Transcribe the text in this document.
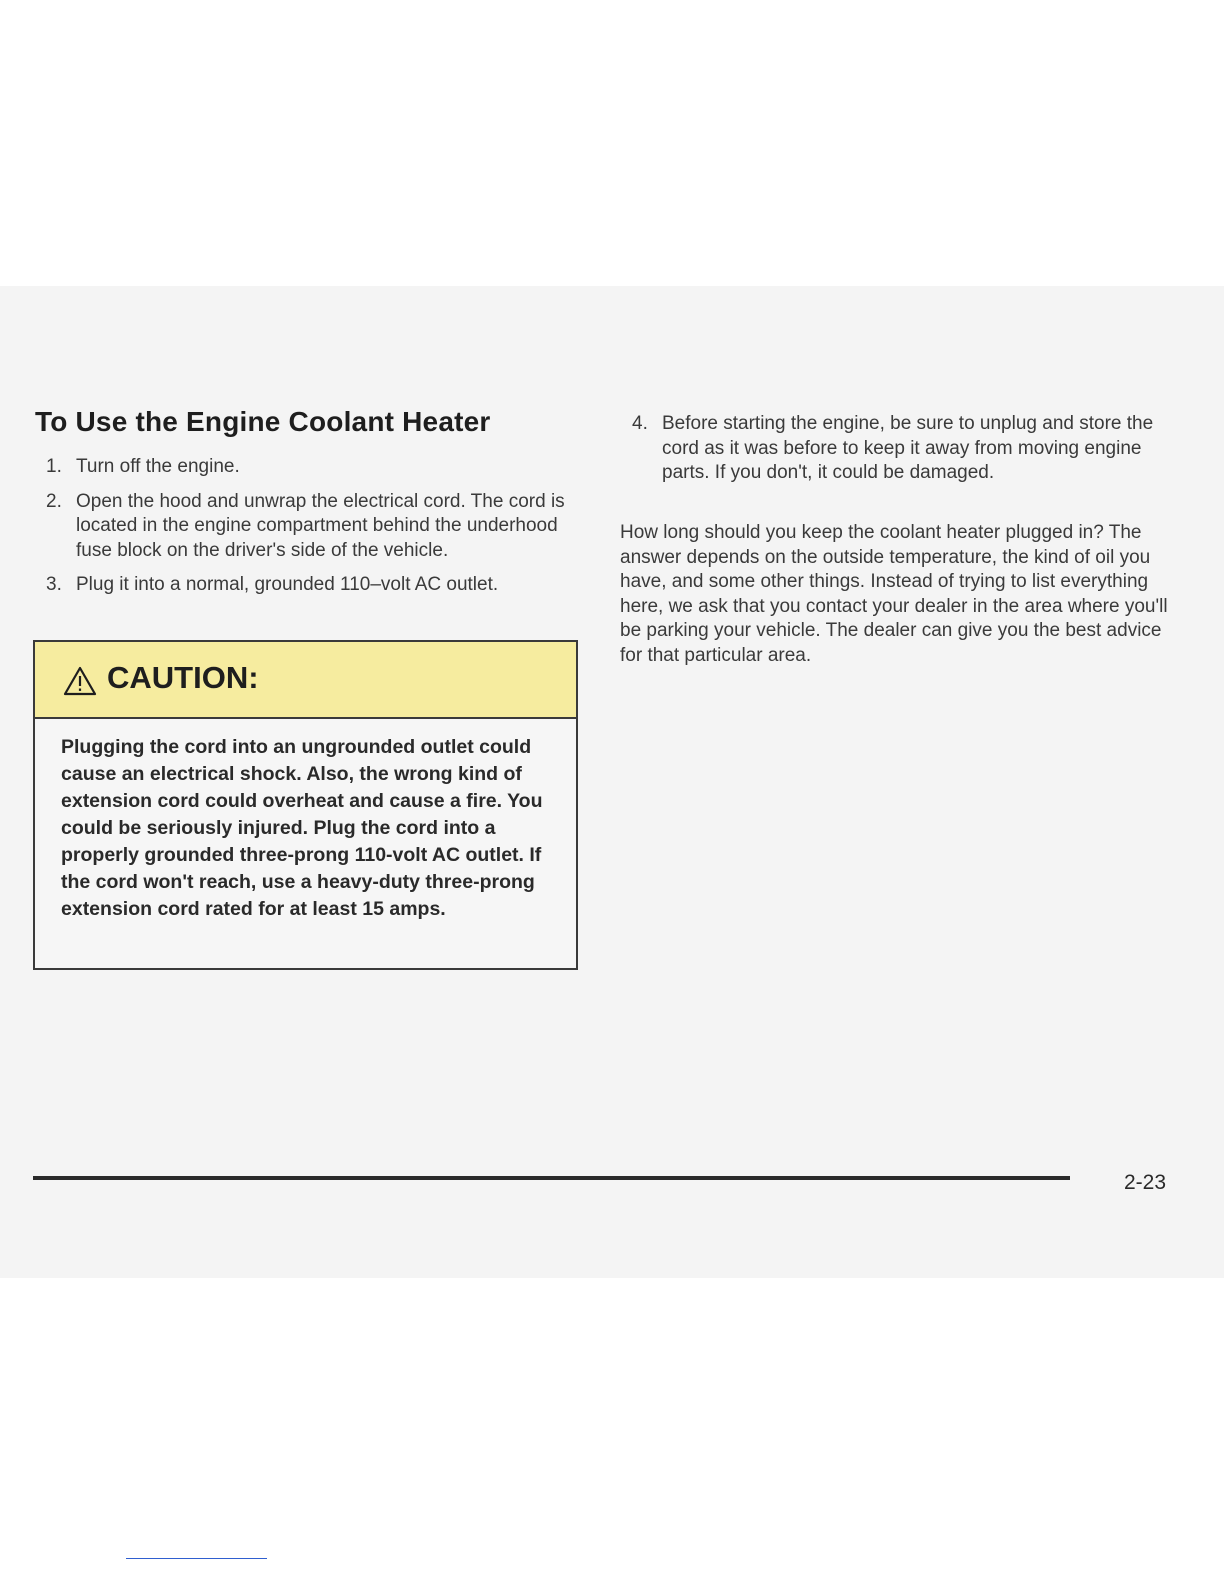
To Use the Engine Coolant Heater
1. Turn off the engine.
2. Open the hood and unwrap the electrical cord. The cord is located in the engine compartment behind the underhood fuse block on the driver's side of the vehicle.
3. Plug it into a normal, grounded 110–volt AC outlet.
CAUTION:
Plugging the cord into an ungrounded outlet could cause an electrical shock. Also, the wrong kind of extension cord could overheat and cause a fire. You could be seriously injured. Plug the cord into a properly grounded three-prong 110-volt AC outlet. If the cord won't reach, use a heavy-duty three-prong extension cord rated for at least 15 amps.
4. Before starting the engine, be sure to unplug and store the cord as it was before to keep it away from moving engine parts. If you don't, it could be damaged.
How long should you keep the coolant heater plugged in? The answer depends on the outside temperature, the kind of oil you have, and some other things. Instead of trying to list everything here, we ask that you contact your dealer in the area where you'll be parking your vehicle. The dealer can give you the best advice for that particular area.
2-23
